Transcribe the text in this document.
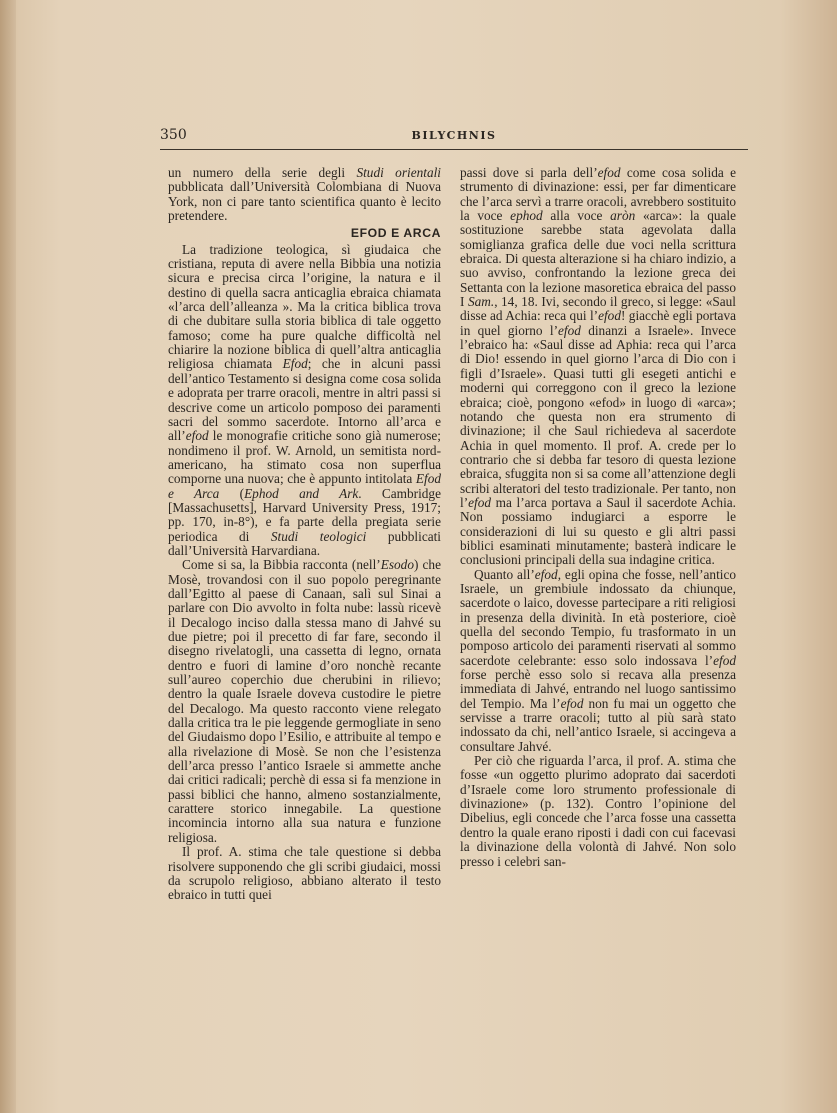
350	BILYCHNIS

un numero della serie degli Studi orientali pubblicata dall’Università Colombiana di Nuova York, non ci pare tanto scientifica quanto è lecito pretendere.

EFOD E ARCA

La tradizione teologica, sì giudaica che cristiana, reputa di avere nella Bibbia una notizia sicura e precisa circa l’origine, la natura e il destino di quella sacra anticaglia ebraica chiamata «l’arca dell’alleanza ». Ma la critica biblica trova di che dubitare sulla storia biblica di tale oggetto famoso; come ha pure qualche difficoltà nel chiarire la nozione biblica di quell’altra anticaglia religiosa chiamata Efod; che in alcuni passi dell’antico Testamento si designa come cosa solida e adoprata per trarre oracoli, mentre in altri passi si descrive come un articolo pomposo dei paramenti sacri del sommo sacerdote. Intorno all’arca e all’efod le monografie critiche sono già numerose; nondimeno il prof. W. Arnold, un semitista nord-americano, ha stimato cosa non superflua comporne una nuova; che è appunto intitolata Efod e Arca (Ephod and Ark. Cambridge [Massachusetts], Harvard University Press, 1917; pp. 170, in-8°), e fa parte della pregiata serie periodica di Studi teologici pubblicati dall’Università Harvardiana.

Come si sa, la Bibbia racconta (nell’Esodo) che Mosè, trovandosi con il suo popolo peregrinante dall’Egitto al paese di Canaan, salì sul Sinai a parlare con Dio avvolto in folta nube: lassù ricevè il Decalogo inciso dalla stessa mano di Jahvé su due pietre; poi il precetto di far fare, secondo il disegno rivelatogli, una cassetta di legno, ornata dentro e fuori di lamine d’oro nonchè recante sull’aureo coperchio due cherubini in rilievo; dentro la quale Israele doveva custodire le pietre del Decalogo. Ma questo racconto viene relegato dalla critica tra le pie leggende germogliate in seno del Giudaismo dopo l’Esilio, e attribuite al tempo e alla rivelazione di Mosè. Se non che l’esistenza dell’arca presso l’antico Israele si ammette anche dai critici radicali; perchè di essa si fa menzione in passi biblici che hanno, almeno sostanzialmente, carattere storico innegabile. La questione incomincia intorno alla sua natura e funzione religiosa.

Il prof. A. stima che tale questione si debba risolvere supponendo che gli scribi giudaici, mossi da scrupolo religioso, abbiano alterato il testo ebraico in tutti quei

passi dove si parla dell’efod come cosa solida e strumento di divinazione: essi, per far dimenticare che l’arca servì a trarre oracoli, avrebbero sostituito la voce ephod alla voce aròn «arca»: la quale sostituzione sarebbe stata agevolata dalla somiglianza grafica delle due voci nella scrittura ebraica. Di questa alterazione si ha chiaro indizio, a suo avviso, confrontando la lezione greca dei Settanta con la lezione masoretica ebraica del passo I Sam., 14, 18. Ivi, secondo il greco, si legge: «Saul disse ad Achia: reca qui l’efod! giacchè egli portava in quel giorno l’efod dinanzi a Israele». Invece l’ebraico ha: «Saul disse ad Aphia: reca qui l’arca di Dio! essendo in quel giorno l’arca di Dio con i figli d’Israele». Quasi tutti gli esegeti antichi e moderni qui correggono con il greco la lezione ebraica; cioè, pongono «efod» in luogo di «arca»; notando che questa non era strumento di divinazione; il che Saul richiedeva al sacerdote Achia in quel momento. Il prof. A. crede per lo contrario che si debba far tesoro di questa lezione ebraica, sfuggita non si sa come all’attenzione degli scribi alteratori del testo tradizionale. Per tanto, non l’efod ma l’arca portava a Saul il sacerdote Achia. Non possiamo indugiarci a esporre le considerazioni di lui su questo e gli altri passi biblici esaminati minutamente; basterà indicare le conclusioni principali della sua indagine critica.

Quanto all’efod, egli opina che fosse, nell’antico Israele, un grembiule indossato da chiunque, sacerdote o laico, dovesse partecipare a riti religiosi in presenza della divinità. In età posteriore, cioè quella del secondo Tempio, fu trasformato in un pomposo articolo dei paramenti riservati al sommo sacerdote celebrante: esso solo indossava l’efod forse perchè esso solo si recava alla presenza immediata di Jahvé, entrando nel luogo santissimo del Tempio. Ma l’efod non fu mai un oggetto che servisse a trarre oracoli; tutto al più sarà stato indossato da chi, nell’antico Israele, si accingeva a consultare Jahvé.

Per ciò che riguarda l’arca, il prof. A. stima che fosse «un oggetto plurimo adoprato dai sacerdoti d’Israele come loro strumento professionale di divinazione» (p. 132). Contro l’opinione del Dibelius, egli concede che l’arca fosse una cassetta dentro la quale erano riposti i dadi con cui facevasi la divinazione della volontà di Jahvé. Non solo presso i celebri san-
